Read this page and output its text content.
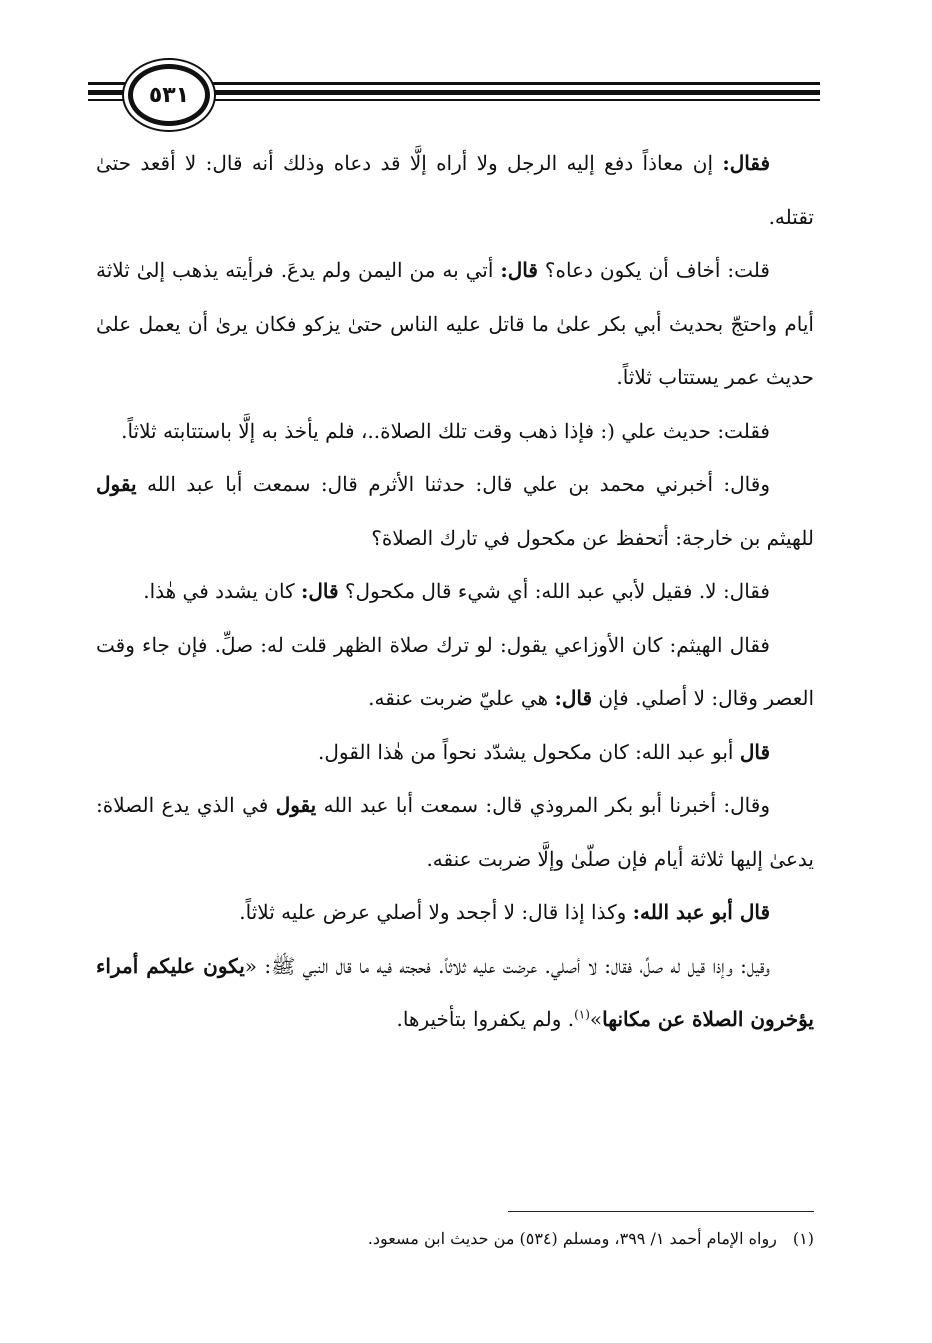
٥٣١

فقال: إن معاذاً دفع إليه الرجل ولا أراه إلَّا قد دعاه وذلك أنه قال: لا أقعد حتىٰ تقتله.

قلت: أخاف أن يكون دعاه؟ قال: أتي به من اليمن ولم يدعَ. فرأيته يذهب إلىٰ ثلاثة أيام واحتجّ بحديث أبي بكر علىٰ ما قاتل عليه الناس حتىٰ يزكو فكان يرىٰ أن يعمل علىٰ حديث عمر يستتاب ثلاثاً.

فقلت: حديث علي (: فإذا ذهب وقت تلك الصلاة..، فلم يأخذ به إلَّا باستتابته ثلاثاً.

وقال: أخبرني محمد بن علي قال: حدثنا الأثرم قال: سمعت أبا عبد الله يقول للهيثم بن خارجة: أتحفظ عن مكحول في تارك الصلاة؟

فقال: لا. فقيل لأبي عبد الله: أي شيء قال مكحول؟ قال: كان يشدد في هٰذا.

فقال الهيثم: كان الأوزاعي يقول: لو ترك صلاة الظهر قلت له: صلِّ. فإن جاء وقت العصر وقال: لا أصلي. فإن قال: هي عليّ ضربت عنقه.

قال أبو عبد الله: كان مكحول يشدّد نحواً من هٰذا القول.

وقال: أخبرنا أبو بكر المروذي قال: سمعت أبا عبد الله يقول في الذي يدع الصلاة: يدعىٰ إليها ثلاثة أيام فإن صلّىٰ وإلَّا ضربت عنقه.

قال أبو عبد الله: وكذا إذا قال: لا أجحد ولا أصلي عرض عليه ثلاثاً.

وقيل: وإذا قيل له صلِّ، فقال: لا أصلي. عرضت عليه ثلاثاً. فحجته فيه ما قال النبي ﷺ: «يكون عليكم أمراء يؤخرون الصلاة عن مكانها»$^{(١)}$. ولم يكفروا بتأخيرها.

(١)رواه الإمام أحمد ١/ ٣٩٩، ومسلم (٥٣٤) من حديث ابن مسعود.
